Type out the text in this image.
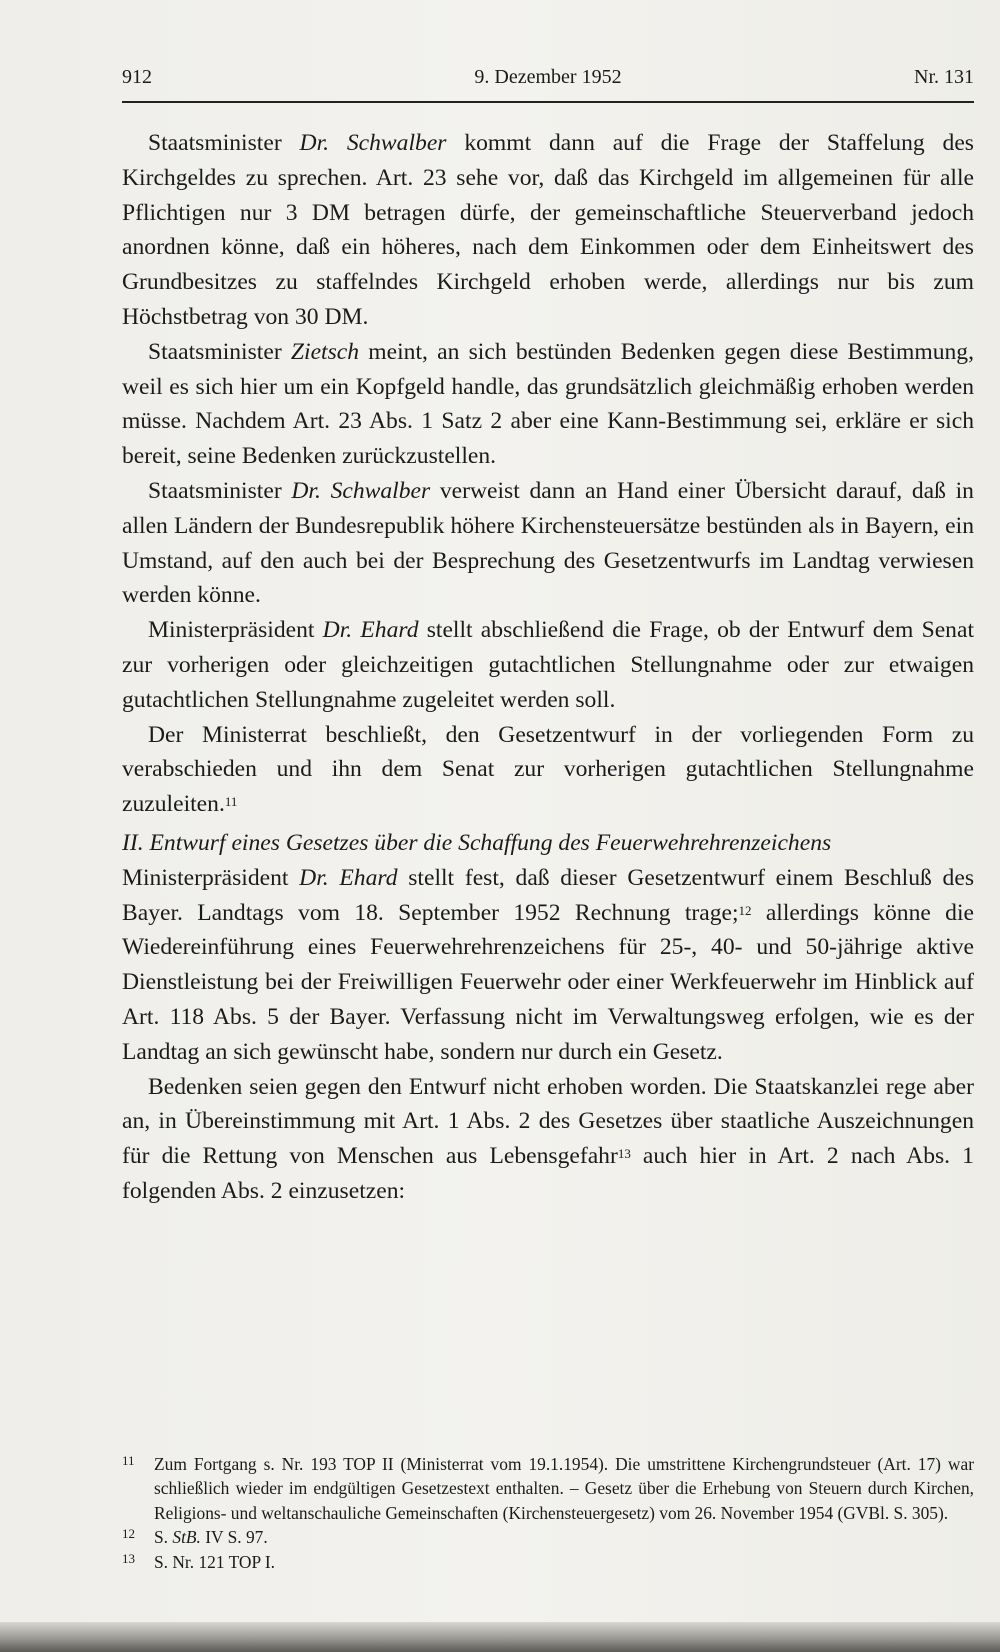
912	9. Dezember 1952	Nr. 131

Staatsminister Dr. Schwalber kommt dann auf die Frage der Staffelung des Kirchgeldes zu sprechen. Art. 23 sehe vor, daß das Kirchgeld im allgemeinen für alle Pflichtigen nur 3 DM betragen dürfe, der gemeinschaftliche Steuerverband jedoch anordnen könne, daß ein höheres, nach dem Einkommen oder dem Einheitswert des Grundbesitzes zu staffelndes Kirchgeld erhoben werde, allerdings nur bis zum Höchstbetrag von 30 DM.

Staatsminister Zietsch meint, an sich bestünden Bedenken gegen diese Bestimmung, weil es sich hier um ein Kopfgeld handle, das grundsätzlich gleichmäßig erhoben werden müsse. Nachdem Art. 23 Abs. 1 Satz 2 aber eine Kann-Bestimmung sei, erkläre er sich bereit, seine Bedenken zurückzustellen.

Staatsminister Dr. Schwalber verweist dann an Hand einer Übersicht darauf, daß in allen Ländern der Bundesrepublik höhere Kirchensteuersätze bestünden als in Bayern, ein Umstand, auf den auch bei der Besprechung des Gesetzentwurfs im Landtag verwiesen werden könne.

Ministerpräsident Dr. Ehard stellt abschließend die Frage, ob der Entwurf dem Senat zur vorherigen oder gleichzeitigen gutachtlichen Stellungnahme oder zur etwaigen gutachtlichen Stellungnahme zugeleitet werden soll.

Der Ministerrat beschließt, den Gesetzentwurf in der vorliegenden Form zu verabschieden und ihn dem Senat zur vorherigen gutachtlichen Stellungnahme zuzuleiten.$^{11}$

II. Entwurf eines Gesetzes über die Schaffung des Feuerwehrehrenzeichens

Ministerpräsident Dr. Ehard stellt fest, daß dieser Gesetzentwurf einem Beschluß des Bayer. Landtags vom 18. September 1952 Rechnung trage;$^{12}$ allerdings könne die Wiedereinführung eines Feuerwehrehrenzeichens für 25-, 40- und 50-jährige aktive Dienstleistung bei der Freiwilligen Feuerwehr oder einer Werkfeuerwehr im Hinblick auf Art. 118 Abs. 5 der Bayer. Verfassung nicht im Verwaltungsweg erfolgen, wie es der Landtag an sich gewünscht habe, sondern nur durch ein Gesetz.

Bedenken seien gegen den Entwurf nicht erhoben worden. Die Staatskanzlei rege aber an, in Übereinstimmung mit Art. 1 Abs. 2 des Gesetzes über staatliche Auszeichnungen für die Rettung von Menschen aus Lebensgefahr$^{13}$ auch hier in Art. 2 nach Abs. 1 folgenden Abs. 2 einzusetzen:

11 Zum Fortgang s. Nr. 193 TOP II (Ministerrat vom 19.1.1954). Die umstrittene Kirchengrundsteuer (Art. 17) war schließlich wieder im endgültigen Gesetzestext enthalten. – Gesetz über die Erhebung von Steuern durch Kirchen, Religions- und weltanschauliche Gemeinschaften (Kirchensteuergesetz) vom 26. November 1954 (GVBl. S. 305).
12 S. StB. IV S. 97.
13 S. Nr. 121 TOP I.
